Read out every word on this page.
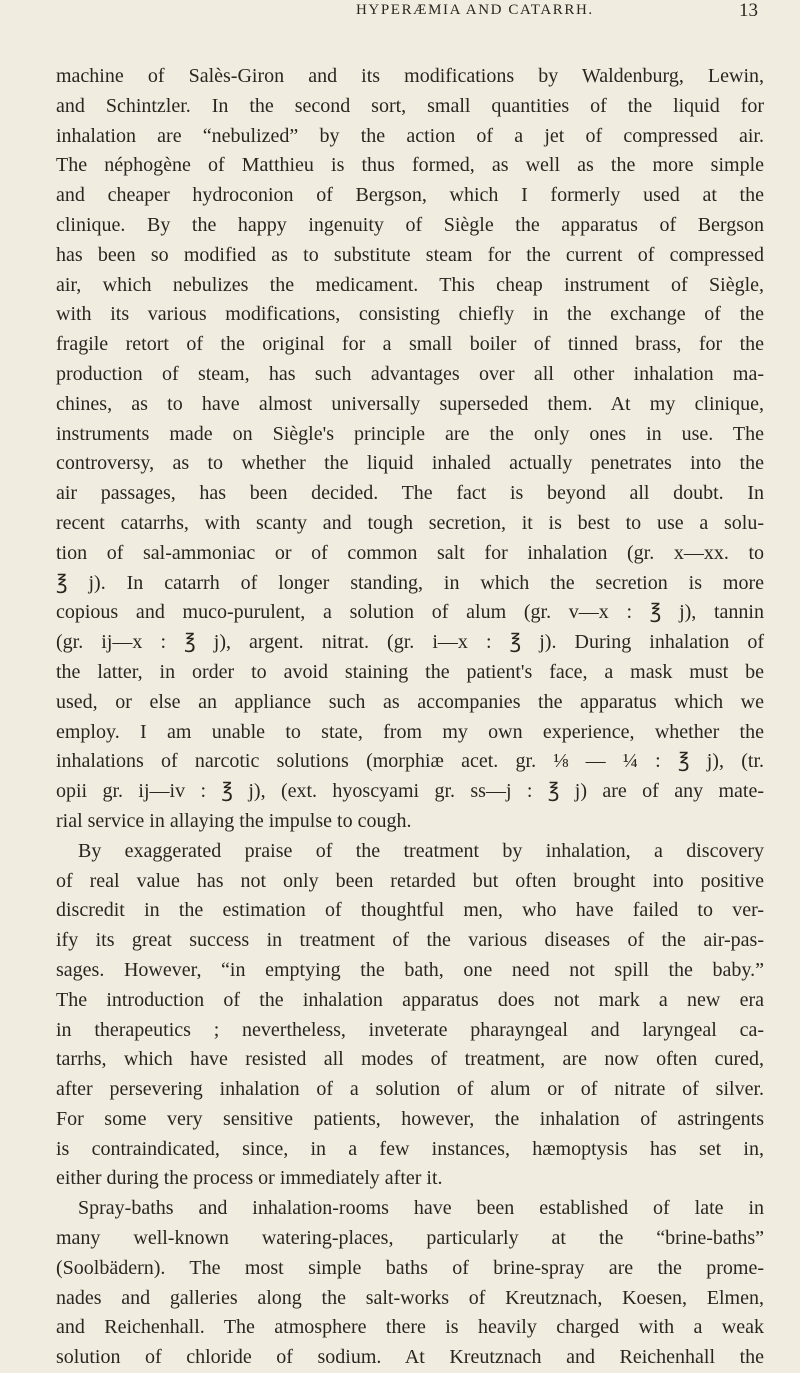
HYPERÆMIA AND CATARRH.	13
machine of Salès-Giron and its modifications by Waldenburg, Lewin,
and Schintzler. In the second sort, small quantities of the liquid for
inhalation are “nebulized” by the action of a jet of compressed air.
The néphogène of Matthieu is thus formed, as well as the more simple
and cheaper hydroconion of Bergson, which I formerly used at the
clinique. By the happy ingenuity of Siègle the apparatus of Bergson
has been so modified as to substitute steam for the current of compressed
air, which nebulizes the medicament. This cheap instrument of Siègle,
with its various modifications, consisting chiefly in the exchange of the
fragile retort of the original for a small boiler of tinned brass, for the
production of steam, has such advantages over all other inhalation ma-
chines, as to have almost universally superseded them. At my clinique,
instruments made on Siègle's principle are the only ones in use. The
controversy, as to whether the liquid inhaled actually penetrates into the
air passages, has been decided. The fact is beyond all doubt. In
recent catarrhs, with scanty and tough secretion, it is best to use a solu-
tion of sal-ammoniac or of common salt for inhalation (gr. x—xx. to
℥ j). In catarrh of longer standing, in which the secretion is more
copious and muco-purulent, a solution of alum (gr. v—x : ℥ j), tannin
(gr. ij—x : ℥ j), argent. nitrat. (gr. i—x : ℥ j). During inhalation of
the latter, in order to avoid staining the patient's face, a mask must be
used, or else an appliance such as accompanies the apparatus which we
employ. I am unable to state, from my own experience, whether the
inhalations of narcotic solutions (morphiæ acet. gr. ⅛ — ¼ : ℥ j), (tr.
opii gr. ij—iv : ℥ j), (ext. hyoscyami gr. ss—j : ℥ j) are of any mate-
rial service in allaying the impulse to cough.
By exaggerated praise of the treatment by inhalation, a discovery
of real value has not only been retarded but often brought into positive
discredit in the estimation of thoughtful men, who have failed to ver-
ify its great success in treatment of the various diseases of the air-pas-
sages. However, “in emptying the bath, one need not spill the baby.”
The introduction of the inhalation apparatus does not mark a new era
in therapeutics ; nevertheless, inveterate pharayngeal and laryngeal ca-
tarrhs, which have resisted all modes of treatment, are now often cured,
after persevering inhalation of a solution of alum or of nitrate of silver.
For some very sensitive patients, however, the inhalation of astringents
is contraindicated, since, in a few instances, hæmoptysis has set in,
either during the process or immediately after it.
Spray-baths and inhalation-rooms have been established of late in
many well-known watering-places, particularly at the “brine-baths”
(Soolbädern). The most simple baths of brine-spray are the prome-
nades and galleries along the salt-works of Kreutznach, Koesen, Elmen,
and Reichenhall. The atmosphere there is heavily charged with a weak
solution of chloride of sodium. At Kreutznach and Reichenhall the
